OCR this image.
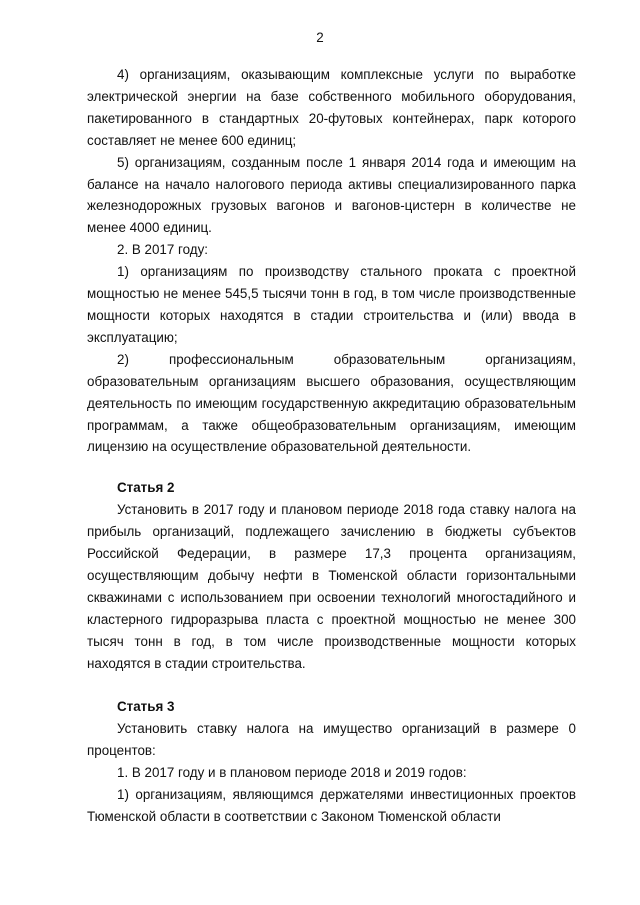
2

4) организациям, оказывающим комплексные услуги по выработке электрической энергии на базе собственного мобильного оборудования, пакетированного в стандартных 20-футовых контейнерах, парк которого составляет не менее 600 единиц;

5) организациям, созданным после 1 января 2014 года и имеющим на балансе на начало налогового периода активы специализированного парка железнодорожных грузовых вагонов и вагонов-цистерн в количестве не менее 4000 единиц.

2. В 2017 году:

1) организациям по производству стального проката с проектной мощностью не менее 545,5 тысячи тонн в год, в том числе производственные мощности которых находятся в стадии строительства и (или) ввода в эксплуатацию;

2) профессиональным образовательным организациям, образовательным организациям высшего образования, осуществляющим деятельность по имеющим государственную аккредитацию образовательным программам, а также общеобразовательным организациям, имеющим лицензию на осуществление образовательной деятельности.

Статья 2

Установить в 2017 году и плановом периоде 2018 года ставку налога на прибыль организаций, подлежащего зачислению в бюджеты субъектов Российской Федерации, в размере 17,3 процента организациям, осуществляющим добычу нефти в Тюменской области горизонтальными скважинами с использованием при освоении технологий многостадийного и кластерного гидроразрыва пласта с проектной мощностью не менее 300 тысяч тонн в год, в том числе производственные мощности которых находятся в стадии строительства.

Статья 3

Установить ставку налога на имущество организаций в размере 0 процентов:

1. В 2017 году и в плановом периоде 2018 и 2019 годов:

1) организациям, являющимся держателями инвестиционных проектов Тюменской области в соответствии с Законом Тюменской области
